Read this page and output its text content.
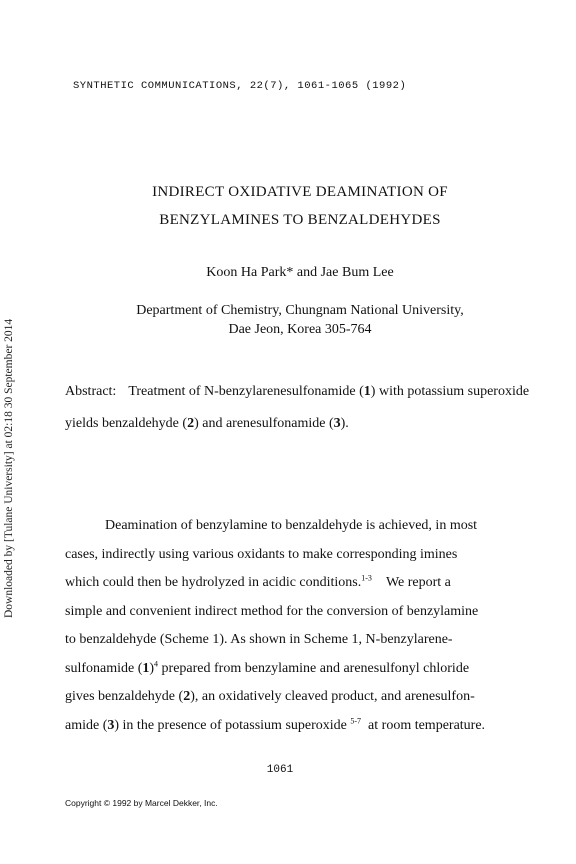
SYNTHETIC COMMUNICATIONS, 22(7), 1061-1065 (1992)
INDIRECT OXIDATIVE DEAMINATION OF
BENZYLAMINES TO BENZALDEHYDES
Koon Ha Park* and Jae Bum Lee
Department of Chemistry, Chungnam National University,
Dae Jeon, Korea 305-764
Abstract: Treatment of N-benzylarenesulfonamide (1) with potassium superoxide yields benzaldehyde (2) and arenesulfonamide (3).
Deamination of benzylamine to benzaldehyde is achieved, in most
cases, indirectly using various oxidants to make corresponding imines
which could then be hydrolyzed in acidic conditions.$^{1-3}$ We report a
simple and convenient indirect method for the conversion of benzylamine
to benzaldehyde (Scheme 1). As shown in Scheme 1, N-benzylarene-
sulfonamide $(1)^4$ prepared from benzylamine and arenesulfonyl chloride
gives benzaldehyde (2), an oxidatively cleaved product, and arenesulfon-
amide (3) in the presence of potassium superoxide $^{5-7}$ at room temperature.
1061
Copyright © 1992 by Marcel Dekker, Inc.
Downloaded by [Tulane University] at 02:18 30 September 2014
